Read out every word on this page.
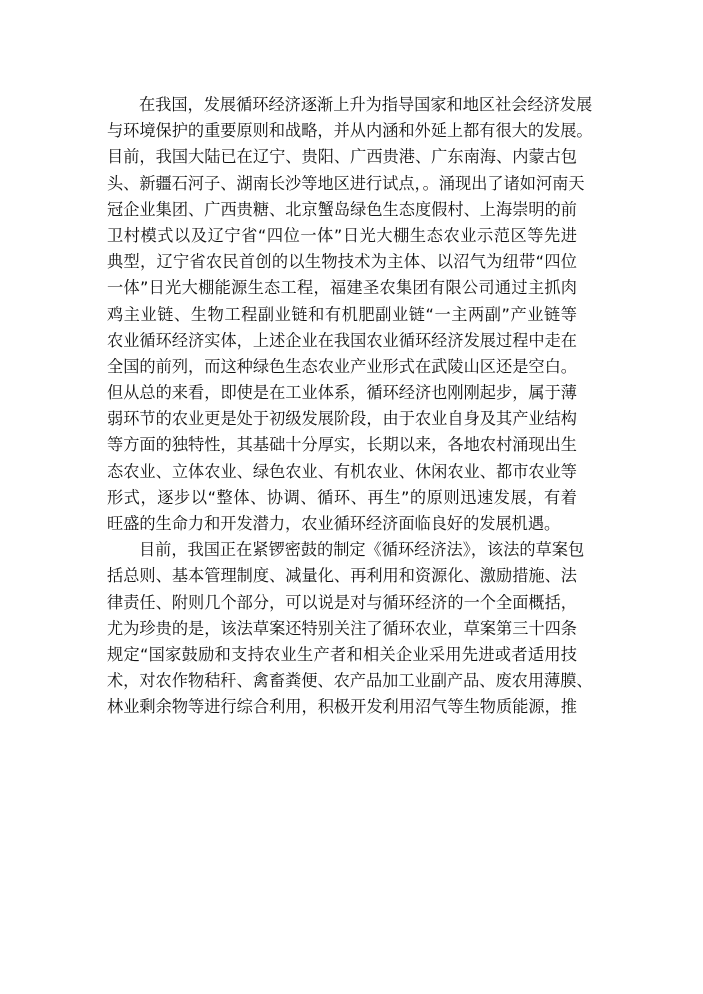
在我国，发展循环经济逐渐上升为指导国家和地区社会经济发展
与环境保护的重要原则和战略，并从内涵和外延上都有很大的发展。
目前，我国大陆已在辽宁、贵阳、广西贵港、广东南海、内蒙古包
头、新疆石河子、湖南长沙等地区进行试点，。涌现出了诸如河南天
冠企业集团、广西贵糖、北京蟹岛绿色生态度假村、上海崇明的前
卫村模式以及辽宁省“四位一体”日光大棚生态农业示范区等先进
典型，辽宁省农民首创的以生物技术为主体、以沼气为纽带“四位
一体”日光大棚能源生态工程，福建圣农集团有限公司通过主抓肉
鸡主业链、生物工程副业链和有机肥副业链“一主两副”产业链等
农业循环经济实体，上述企业在我国农业循环经济发展过程中走在
全国的前列，而这种绿色生态农业产业形式在武陵山区还是空白。
但从总的来看，即使是在工业体系，循环经济也刚刚起步，属于薄
弱环节的农业更是处于初级发展阶段，由于农业自身及其产业结构
等方面的独特性，其基础十分厚实，长期以来，各地农村涌现出生
态农业、立体农业、绿色农业、有机农业、休闲农业、都市农业等
形式，逐步以“整体、协调、循环、再生”的原则迅速发展，有着
旺盛的生命力和开发潜力，农业循环经济面临良好的发展机遇。
目前，我国正在紧锣密鼓的制定《循环经济法》，该法的草案包
括总则、基本管理制度、减量化、再利用和资源化、激励措施、法
律责任、附则几个部分，可以说是对与循环经济的一个全面概括，
尤为珍贵的是，该法草案还特别关注了循环农业，草案第三十四条
规定“国家鼓励和支持农业生产者和相关企业采用先进或者适用技
术，对农作物秸秆、禽畜粪便、农产品加工业副产品、废农用薄膜、
林业剩余物等进行综合利用，积极开发利用沼气等生物质能源，推
